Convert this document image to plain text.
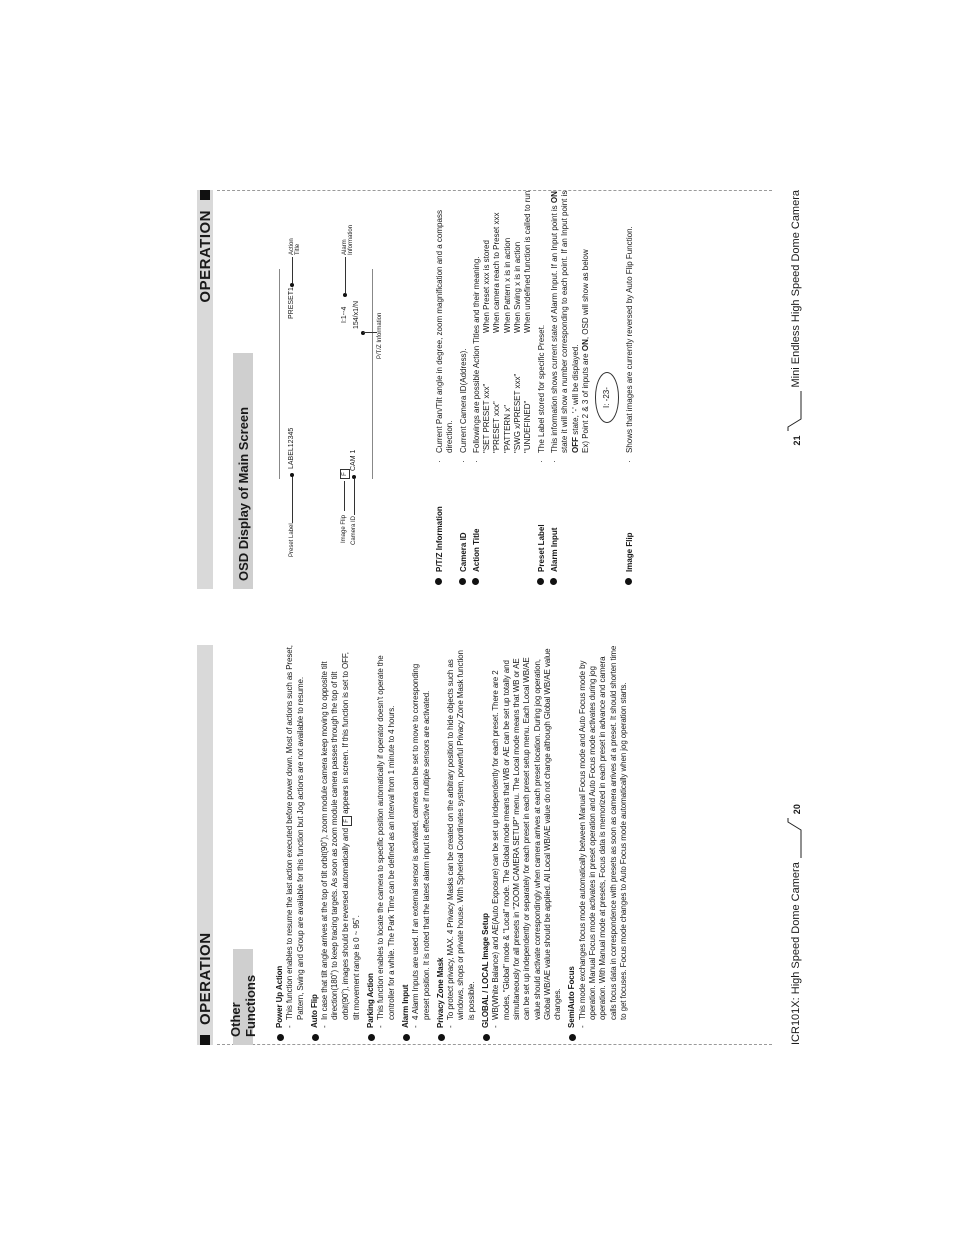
OPERATION Other Functions Power Up Action -
This function enables to resume the last action executed before power down. Most of actions such as Preset, Pattern, Swing and Group are available for this function but Jog actions are not available to resume. Auto Flip -
In case that tilt angle arrives at the top of tilt orbit(90˚), zoom module camera keep moving to opposite tilt direction(180˚) to keep tracing targets. As soon as zoom module camera passes through the top of tilt orbit(90˚), images should be reversed automatically and F appears in screen. If this function is set to OFF, tilt movement range is 0 ~ 95˚. Parking Action -
This function enables to locate the camera to specific position automatically if operator doesn't operate the controller for a while. The Park Time can be defined as an interval from 1 minute to 4 hours. Alarm Input -
4 Alarm Inputs are used. If an external sensor is activated, camera can be set to move to corresponding preset position. It is noted that the latest alarm input is effective if multiple sensors are activated. Privacy Zone Mask -
To protect privacy, MAX. 4 Privacy Masks can be created on the arbitrary position to hide objects such as windows, shops or private house. With Spherical Coordinates system, powerful Privacy Zone Mask function is possible. GLOBAL / LOCAL Image Setup -
WB(White Balance) and AE(Auto Exposure) can be set up independently for each preset. There are 2 modes, "Global" mode & "Local" mode. The Global mode means that WB or AE can be set up totally and simultaneously for all presets in "ZOOM CAMERA SETUP" menu. The Local mode means that WB or AE can be set up independently or separately for each preset in each preset setup menu. Each Local WB/AE value should activate correspondingly when camera arrives at each preset location. During jog operation, Global WB/AE value should be applied. All Local WB/AE value do not change although Global WB/AE value changes. SemiAuto Focus -
This mode exchanges focus mode automatically between Manual Focus mode and Auto Focus mode by operation. Manual Focus mode activates in preset operation and Auto Focus mode activates during jog operation. With Manual mode at presets, Focus data is memorized in each preset in advance and camera calls focus data in correspondence with presets as soon as camera arrives at a preset. It should shorten time to get focuses. Focus mode changes to Auto Focus mode automatically when jog operation starts.	ICR101X: High Speed Dome Camera
20
OPERATION
OSD Display of Main Screen	Preset Label
LABEL12345
PRESET1
Action Title
Image Flip
F
Camera ID
CAM 1
I:1--4
Alarm Information
154/x1/N	P/T/Z Information
P/T/Z Information
·
Current Pan/Tilt angle in degree, zoom magnification and a compass direction.
Camera ID
·
Current Camera ID(Address).
Action Title
·
Followings are possible Action Titles and their meaning. "SET PRESET xxx"	When Preset xxx is stored
"PRESET xxx"	When camera reach to Preset xxx
"PATTERN x"	When Pattern x is in action
"SWG x/PRESET xxx"	When Swing x is in action
"UNDEFINED"	When undefined function is called to run
Preset Label
·
The Label stored for specific Preset.
Alarm Input
·
This information shows current state of Alarm Input. If an Input point is ON state it will show a number corresponding to each point. If an Input point is OFF state, '-' will be displayed. Ex) Point 2 & 3 of inputs are ON, OSD will show as below
I: -23-
Image Flip
·
Shows that images are currently reversed by Auto Flip Function.	21
Mini Endless High Speed Dome Camera
